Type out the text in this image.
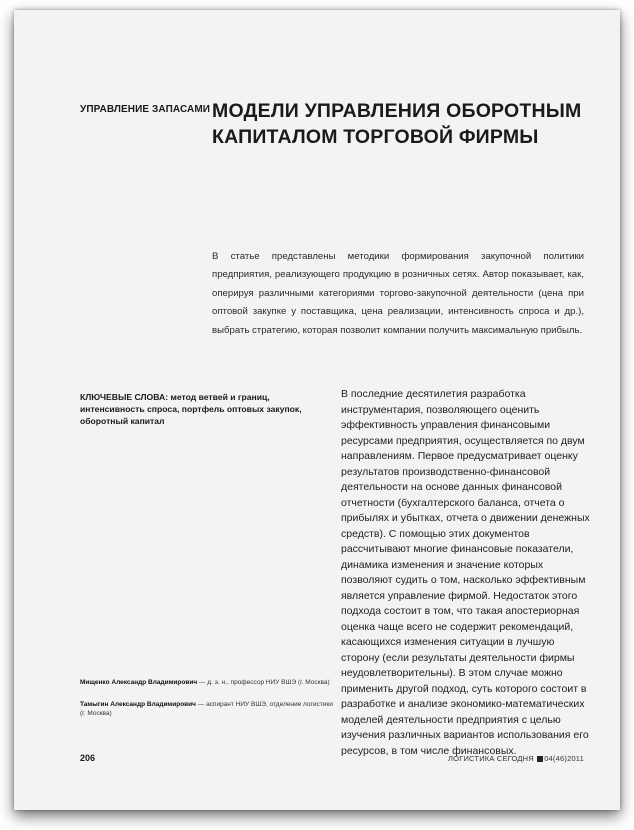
УПРАВЛЕНИЕ ЗАПАСАМИ МОДЕЛИ УПРАВЛЕНИЯ ОБОРОТНЫМ КАПИТАЛОМ ТОРГОВОЙ ФИРМЫ
В статье представлены методики формирования закупочной политики предприятия, реализующего продукцию в розничных сетях. Автор показывает, как, оперируя различными категориями торгово-закупочной деятельности (цена при оптовой закупке у поставщика, цена реализации, интенсивность спроса и др.), выбрать стратегию, которая позволит компании получить максимальную прибыль.
КЛЮЧЕВЫЕ СЛОВА: метод ветвей и границ, интенсивность спроса, портфель оптовых закупок, оборотный капитал
В последние десятилетия разработка инструментария, позволяющего оценить эффективность управления финансовыми ресурсами предприятия, осуществляется по двум направлениям. Первое предусматривает оценку результатов производственно-финансовой деятельности на основе данных финансовой отчетности (бухгалтерского баланса, отчета о прибылях и убытках, отчета о движении денежных средств). С помощью этих документов рассчитывают многие финансовые показатели, динамика изменения и значение которых позволяют судить о том, насколько эффективным является управление фирмой. Недостаток этого подхода состоит в том, что такая апостериорная оценка чаще всего не содержит рекомендаций, касающихся изменения ситуации в лучшую сторону (если результаты деятельности фирмы неудовлетворительны). В этом случае можно применить другой подход, суть которого состоит в разработке и анализе экономико-математических моделей деятельности предприятия с целью изучения различных вариантов использования его ресурсов, в том числе финансовых.
Мищенко Александр Владимирович — д. э. н., профессор НИУ ВШЭ (г. Москва)
Тамыгин Александр Владимирович — аспирант НИУ ВШЭ, отделение логистики (г. Москва)
206	ЛОГИСТИКА СЕГОДНЯ 04(46)2011
